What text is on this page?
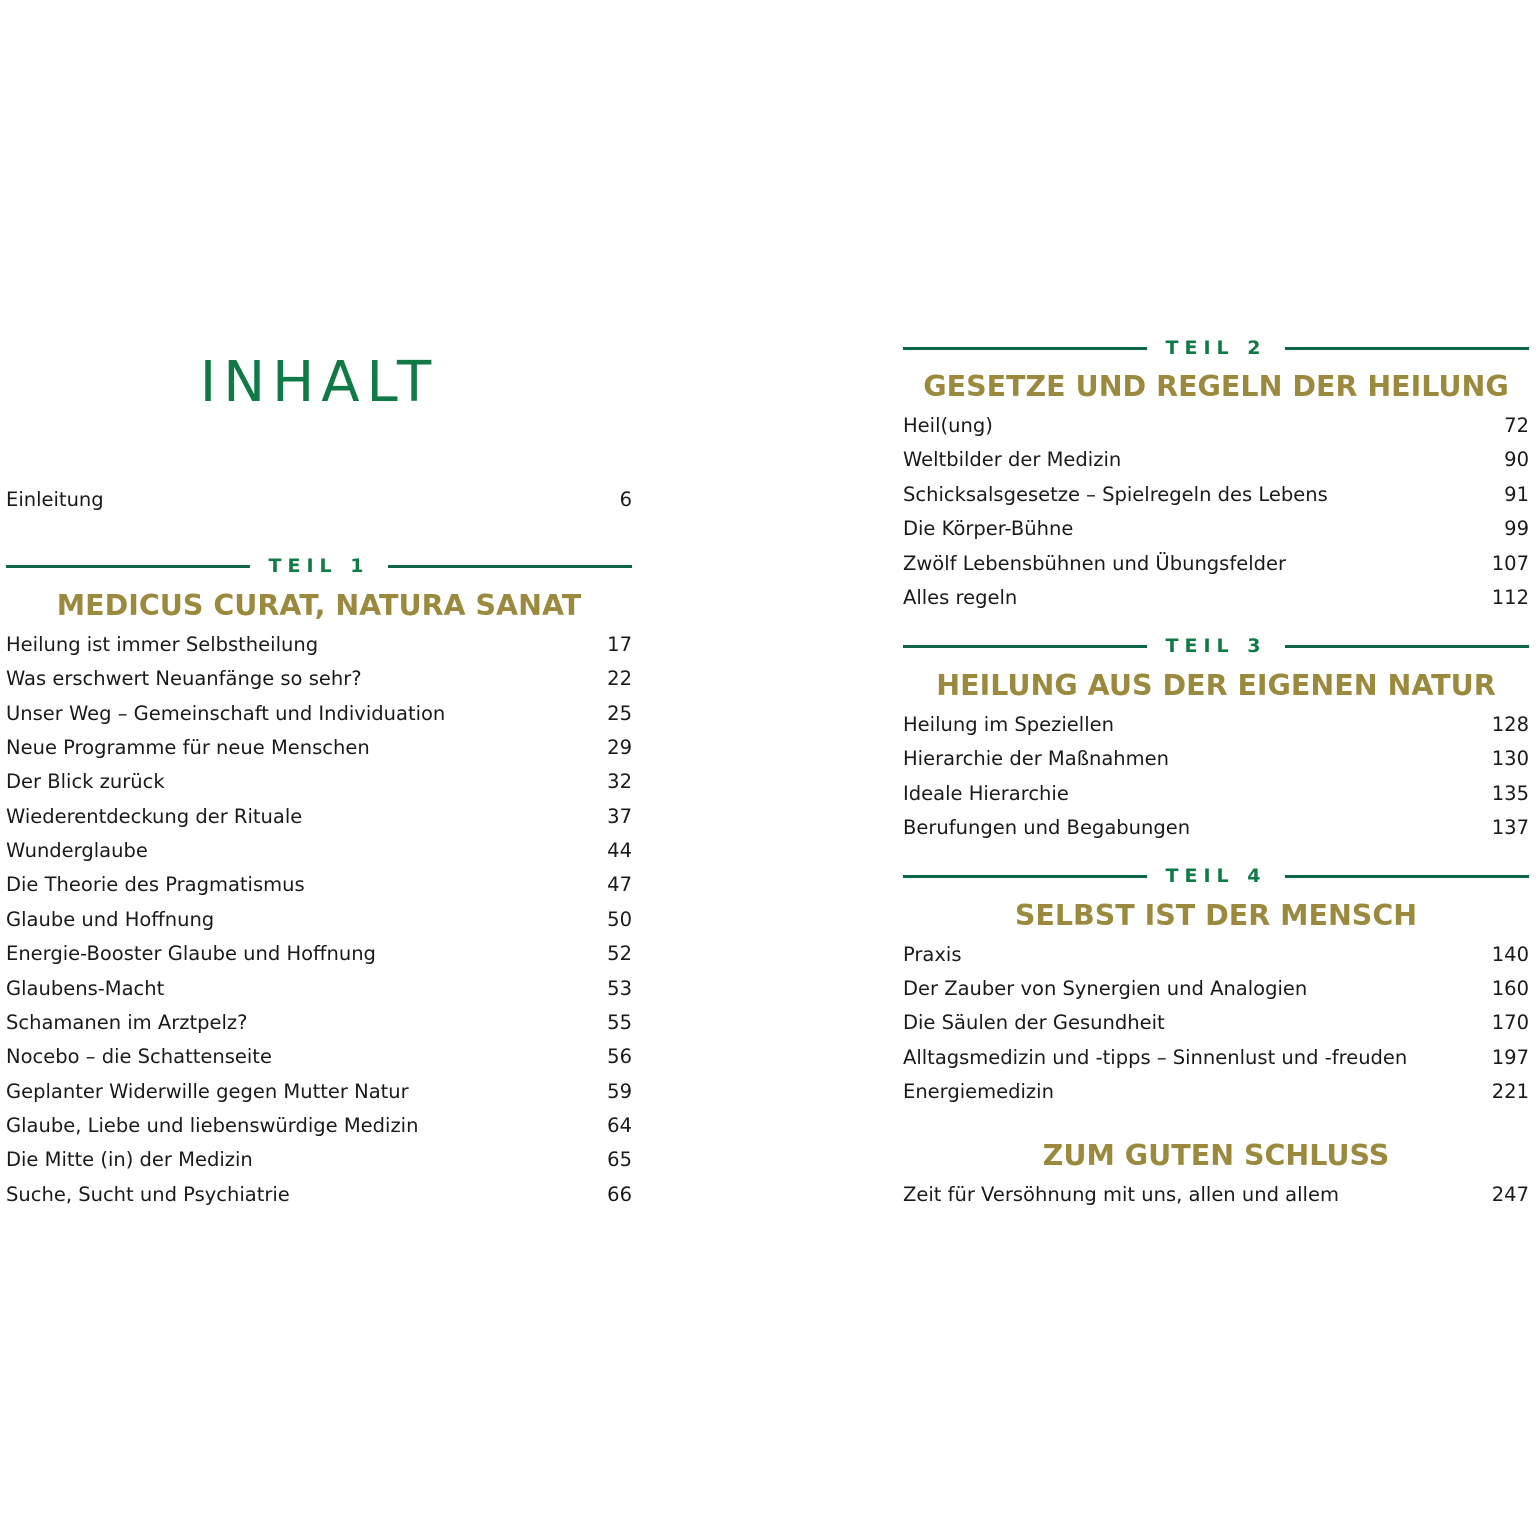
INHALT
Einleitung	6
TEIL 1
MEDICUS CURAT, NATURA SANAT
Heilung ist immer Selbstheilung	17
Was erschwert Neuanfänge so sehr?	22
Unser Weg – Gemeinschaft und Individuation	25
Neue Programme für neue Menschen	29
Der Blick zurück	32
Wiederentdeckung der Rituale	37
Wunderglaube	44
Die Theorie des Pragmatismus	47
Glaube und Hoffnung	50
Energie-Booster Glaube und Hoffnung	52
Glaubens-Macht	53
Schamanen im Arztpelz?	55
Nocebo – die Schattenseite	56
Geplanter Widerwille gegen Mutter Natur	59
Glaube, Liebe und liebenswürdige Medizin	64
Die Mitte (in) der Medizin	65
Suche, Sucht und Psychiatrie	66
TEIL 2
GESETZE UND REGELN DER HEILUNG
Heil(ung)	72
Weltbilder der Medizin	90
Schicksalsgesetze – Spielregeln des Lebens	91
Die Körper-Bühne	99
Zwölf Lebensbühnen und Übungsfelder	107
Alles regeln	112
TEIL 3
HEILUNG AUS DER EIGENEN NATUR
Heilung im Speziellen	128
Hierarchie der Maßnahmen	130
Ideale Hierarchie	135
Berufungen und Begabungen	137
TEIL 4
SELBST IST DER MENSCH
Praxis	140
Der Zauber von Synergien und Analogien	160
Die Säulen der Gesundheit	170
Alltagsmedizin und -tipps – Sinnenlust und -freuden	197
Energiemedizin	221
ZUM GUTEN SCHLUSS
Zeit für Versöhnung mit uns, allen und allem	247
